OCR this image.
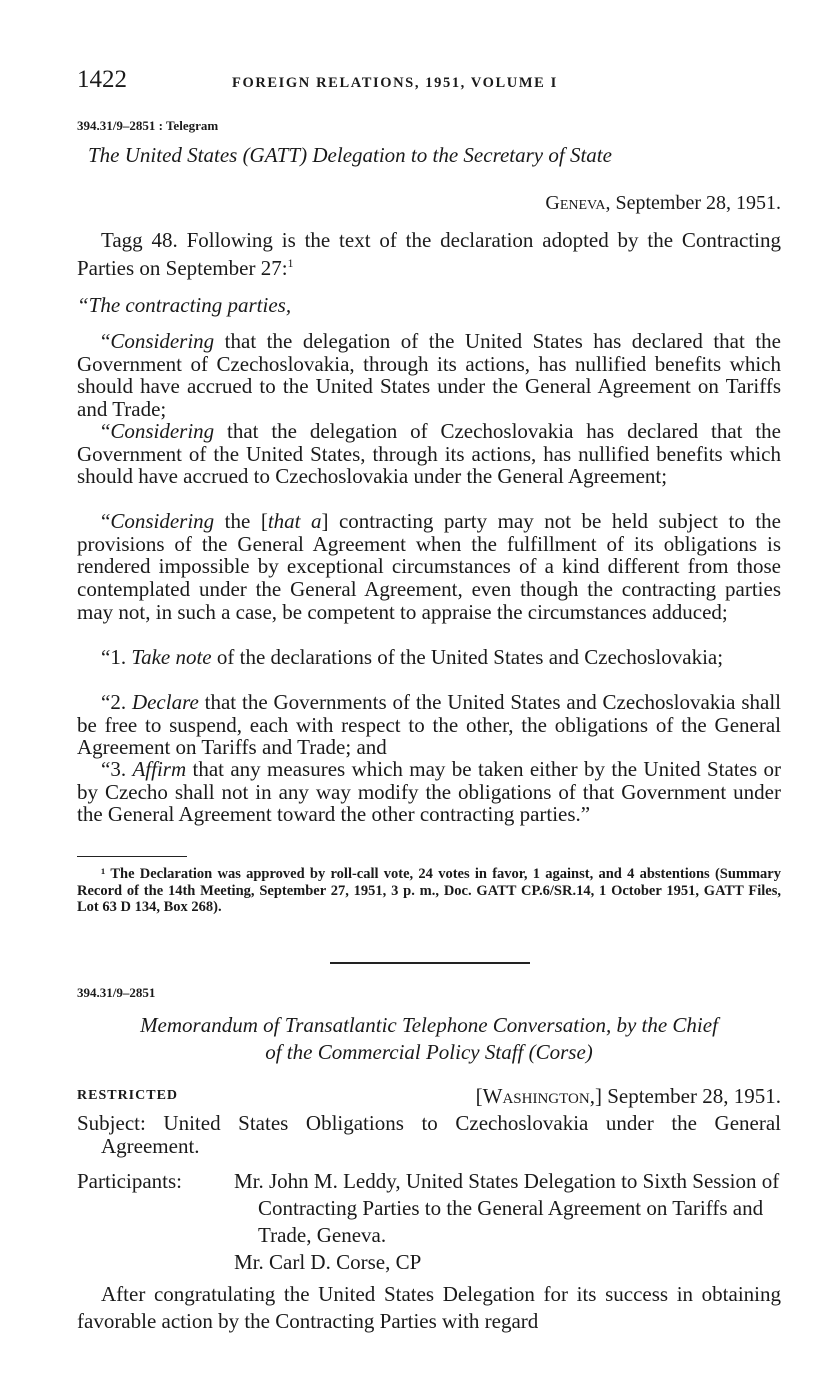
1422	FOREIGN RELATIONS, 1951, VOLUME I
394.31/9–2851 : Telegram
The United States (GATT) Delegation to the Secretary of State
Geneva, September 28, 1951.

Tagg 48. Following is the text of the declaration adopted by the Contracting Parties on September 27:$^1$

“The contracting parties,

“Considering that the delegation of the United States has declared that the Government of Czechoslovakia, through its actions, has nullified benefits which should have accrued to the United States under the General Agreement on Tariffs and Trade;

“Considering that the delegation of Czechoslovakia has declared that the Government of the United States, through its actions, has nullified benefits which should have accrued to Czechoslovakia under the General Agreement;

“Considering the [that a] contracting party may not be held subject to the provisions of the General Agreement when the fulfillment of its obligations is rendered impossible by exceptional circumstances of a kind different from those contemplated under the General Agreement, even though the contracting parties may not, in such a case, be competent to appraise the circumstances adduced;

“1. Take note of the declarations of the United States and Czechoslovakia;

“2. Declare that the Governments of the United States and Czechoslovakia shall be free to suspend, each with respect to the other, the obligations of the General Agreement on Tariffs and Trade; and

“3. Affirm that any measures which may be taken either by the United States or by Czecho shall not in any way modify the obligations of that Government under the General Agreement toward the other contracting parties.”

¹ The Declaration was approved by roll-call vote, 24 votes in favor, 1 against, and 4 abstentions (Summary Record of the 14th Meeting, September 27, 1951, 3 p. m., Doc. GATT CP.6/SR.14, 1 October 1951, GATT Files, Lot 63 D 134, Box 268).

394.31/9–2851
Memorandum of Transatlantic Telephone Conversation, by the Chief
of the Commercial Policy Staff (Corse)
RESTRICTED	[Washington,] September 28, 1951.
Subject: United States Obligations to Czechoslovakia under the General Agreement.
Participants: Mr. John M. Leddy, United States Delegation to Sixth Session of Contracting Parties to the General Agreement on Tariffs and Trade, Geneva.
Mr. Carl D. Corse, CP

After congratulating the United States Delegation for its success in obtaining favorable action by the Contracting Parties with regard
